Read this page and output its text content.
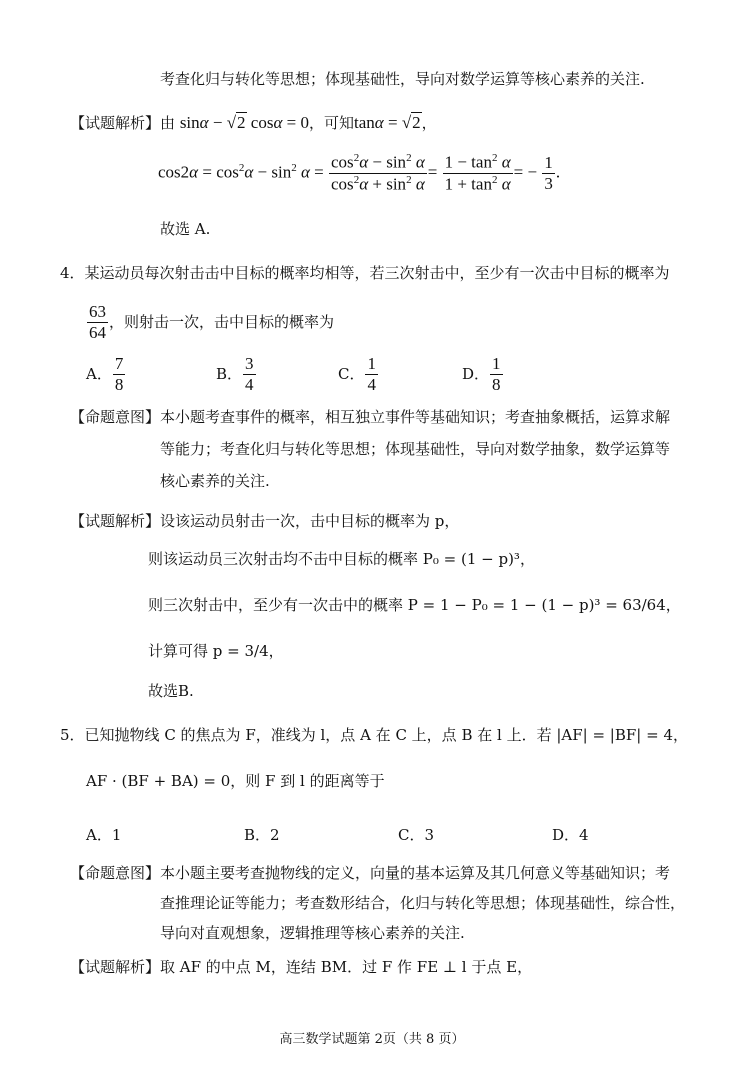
考查化归与转化等思想；体现基础性，导向对数学运算等核心素养的关注.
【试题解析】由 sinα − √2 cosα = 0，可知tanα = √2，
$\cos 2\alpha = \cos^2\alpha - \sin^2 \alpha = \frac{\cos^2\alpha - \sin^2 \alpha}{\cos^2\alpha + \sin^2 \alpha} = \frac{1 - \tan^2 \alpha}{1 + \tan^2 \alpha}$ = − $\frac{1}{3}$ .
故选 A.
4．某运动员每次射击击中目标的概率均相等，若三次射击中，至少有一次击中目标的概率为
$\frac{63}{64}$ ，则射击一次，击中目标的概率为
A． $\frac{7}{8}$	B． $\frac{3}{4}$	C． $\frac{1}{4}$	D． $\frac{1}{8}$
【命题意图】本小题考查事件的概率，相互独立事件等基础知识；考查抽象概括，运算求解
等能力；考查化归与转化等思想；体现基础性，导向对数学抽象，数学运算等
核心素养的关注.
【试题解析】设该运动员射击一次，击中目标的概率为 p，
则该运动员三次射击均不击中目标的概率 P₀ = (1 − p)³，
则三次射击中，至少有一次击中的概率 P = 1 − P₀ = 1 − (1 − p)³ = 63/64，
计算可得 p = 3/4，
故选B.
5．已知抛物线 C 的焦点为 F，准线为 l，点 A 在 C 上，点 B 在 l 上．若 |AF| = |BF| = 4，
AF · (BF + BA) = 0，则 F 到 l 的距离等于
A．1	B．2	C．3	D．4
【命题意图】本小题主要考查抛物线的定义，向量的基本运算及其几何意义等基础知识；考
查推理论证等能力；考查数形结合，化归与转化等思想；体现基础性，综合性，
导向对直观想象，逻辑推理等核心素养的关注.
【试题解析】取 AF 的中点 M，连结 BM．过 F 作 FE ⊥ l 于点 E，
高三数学试题第 2页（共 8 页）
